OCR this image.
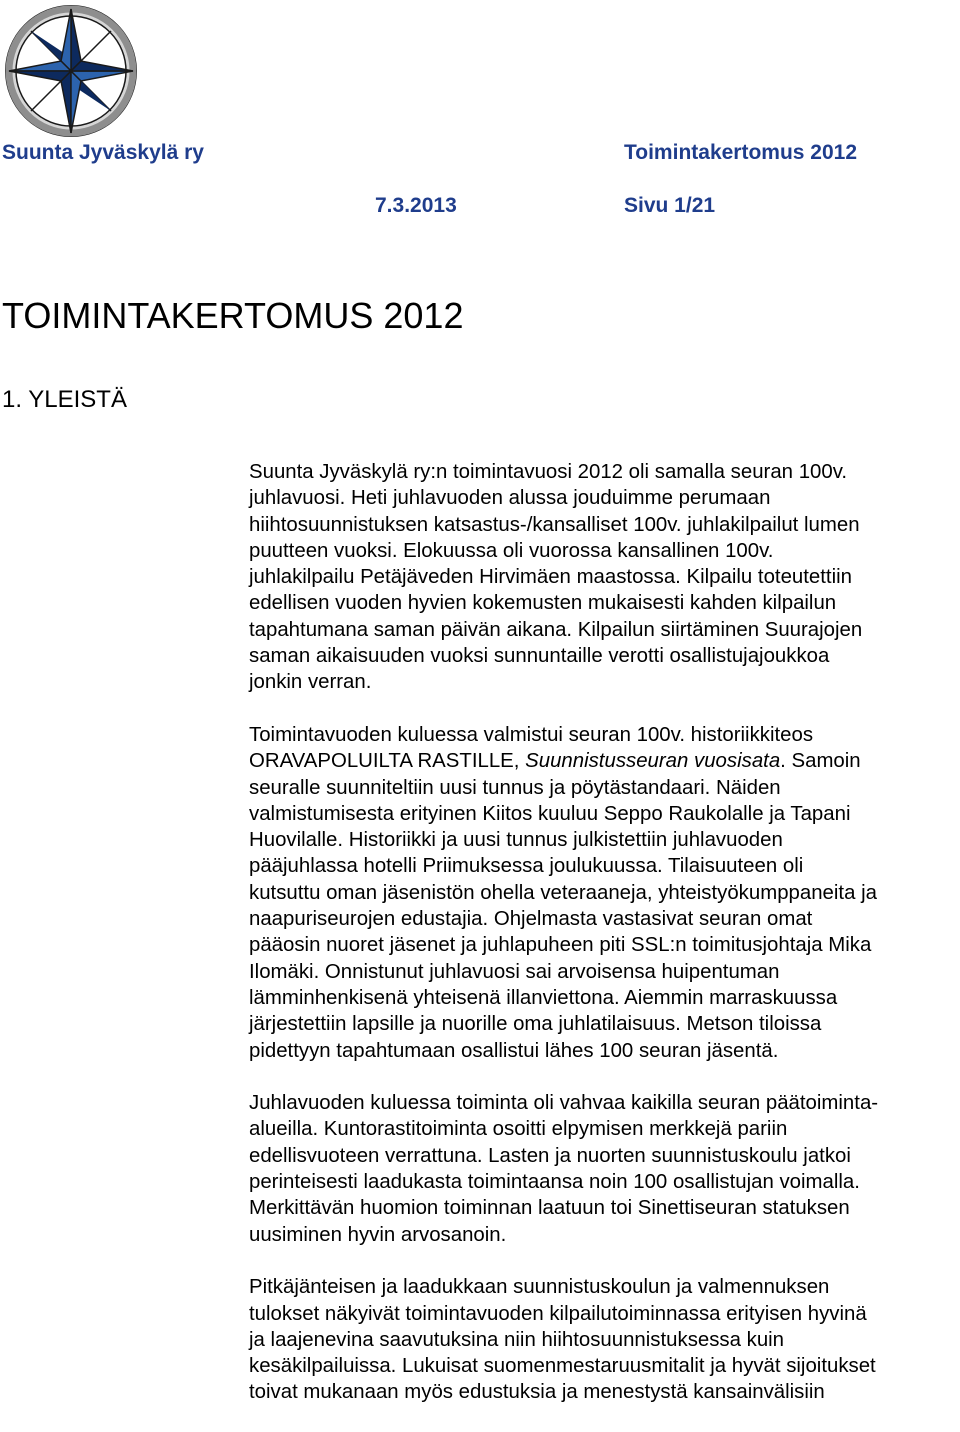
Suunta Jyväskylä ry	Toimintakertomus 2012
7.3.2013	Sivu 1/21
TOIMINTAKERTOMUS 2012
1. YLEISTÄ
Suunta Jyväskylä ry:n toimintavuosi 2012 oli samalla seuran 100v.
juhlavuosi. Heti juhlavuoden alussa jouduimme perumaan
hiihtosuunnistuksen katsastus-/kansalliset 100v. juhlakilpailut lumen
puutteen vuoksi. Elokuussa oli vuorossa kansallinen 100v.
juhlakilpailu Petäjäveden Hirvimäen maastossa. Kilpailu toteutettiin
edellisen vuoden hyvien kokemusten mukaisesti kahden kilpailun
tapahtumana saman päivän aikana. Kilpailun siirtäminen Suurajojen
saman aikaisuuden vuoksi sunnuntaille verotti osallistujajoukkoa
jonkin verran.
Toimintavuoden kuluessa valmistui seuran 100v. historiikkiteos
ORAVAPOLUILTA RASTILLE, Suunnistusseuran vuosisata. Samoin
seuralle suunniteltiin uusi tunnus ja pöytästandaari. Näiden
valmistumisesta erityinen Kiitos kuuluu Seppo Raukolalle ja Tapani
Huovilalle. Historiikki ja uusi tunnus julkistettiin juhlavuoden
pääjuhlassa hotelli Priimuksessa joulukuussa. Tilaisuuteen oli
kutsuttu oman jäsenistön ohella veteraaneja, yhteistyökumppaneita ja
naapuriseurojen edustajia. Ohjelmasta vastasivat seuran omat
pääosin nuoret jäsenet ja juhlapuheen piti SSL:n toimitusjohtaja Mika
Ilomäki. Onnistunut juhlavuosi sai arvoisensa huipentuman
lämminhenkisenä yhteisenä illanviettona. Aiemmin marraskuussa
järjestettiin lapsille ja nuorille oma juhlatilaisuus. Metson tiloissa
pidettyyn tapahtumaan osallistui lähes 100 seuran jäsentä.
Juhlavuoden kuluessa toiminta oli vahvaa kaikilla seuran päätoiminta-
alueilla. Kuntorastitoiminta osoitti elpymisen merkkejä pariin
edellisvuoteen verrattuna. Lasten ja nuorten suunnistuskoulu jatkoi
perinteisesti laadukasta toimintaansa noin 100 osallistujan voimalla.
Merkittävän huomion toiminnan laatuun toi Sinettiseuran statuksen
uusiminen hyvin arvosanoin.
Pitkäjänteisen ja laadukkaan suunnistuskoulun ja valmennuksen
tulokset näkyivät toimintavuoden kilpailutoiminnassa erityisen hyvinä
ja laajenevina saavutuksina niin hiihtosuunnistuksessa kuin
kesäkilpailuissa. Lukuisat suomenmestaruusmitalit ja hyvät sijoitukset
toivat mukanaan myös edustuksia ja menestystä kansainvälisiin
